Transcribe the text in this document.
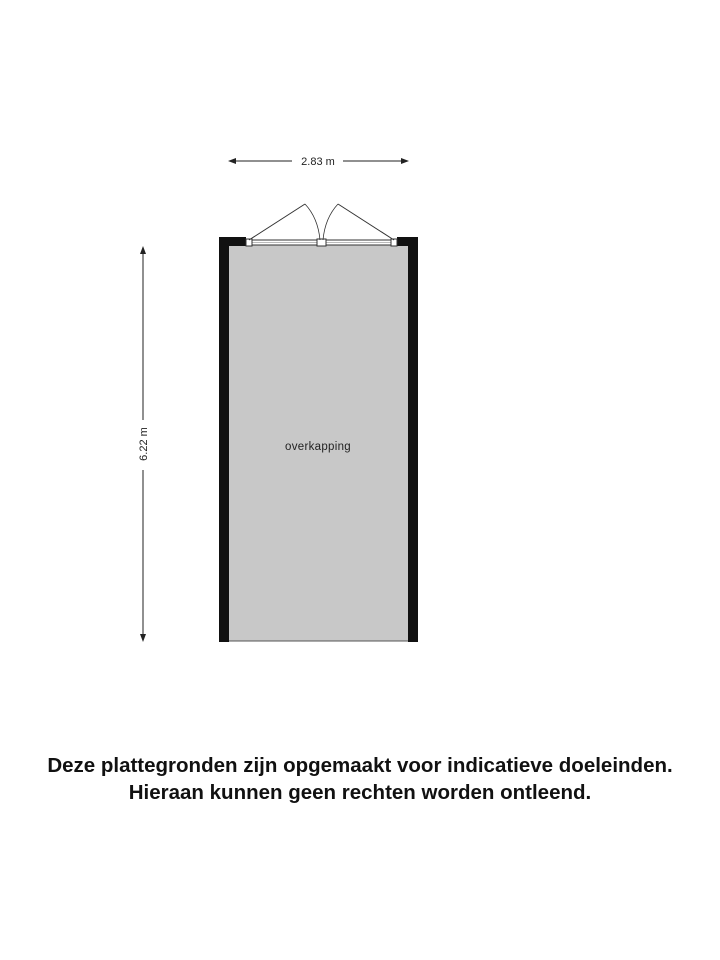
2.83 m
6.22 m	overkapping
Deze plattegronden zijn opgemaakt voor indicatieve doeleinden.
Hieraan kunnen geen rechten worden ontleend.
